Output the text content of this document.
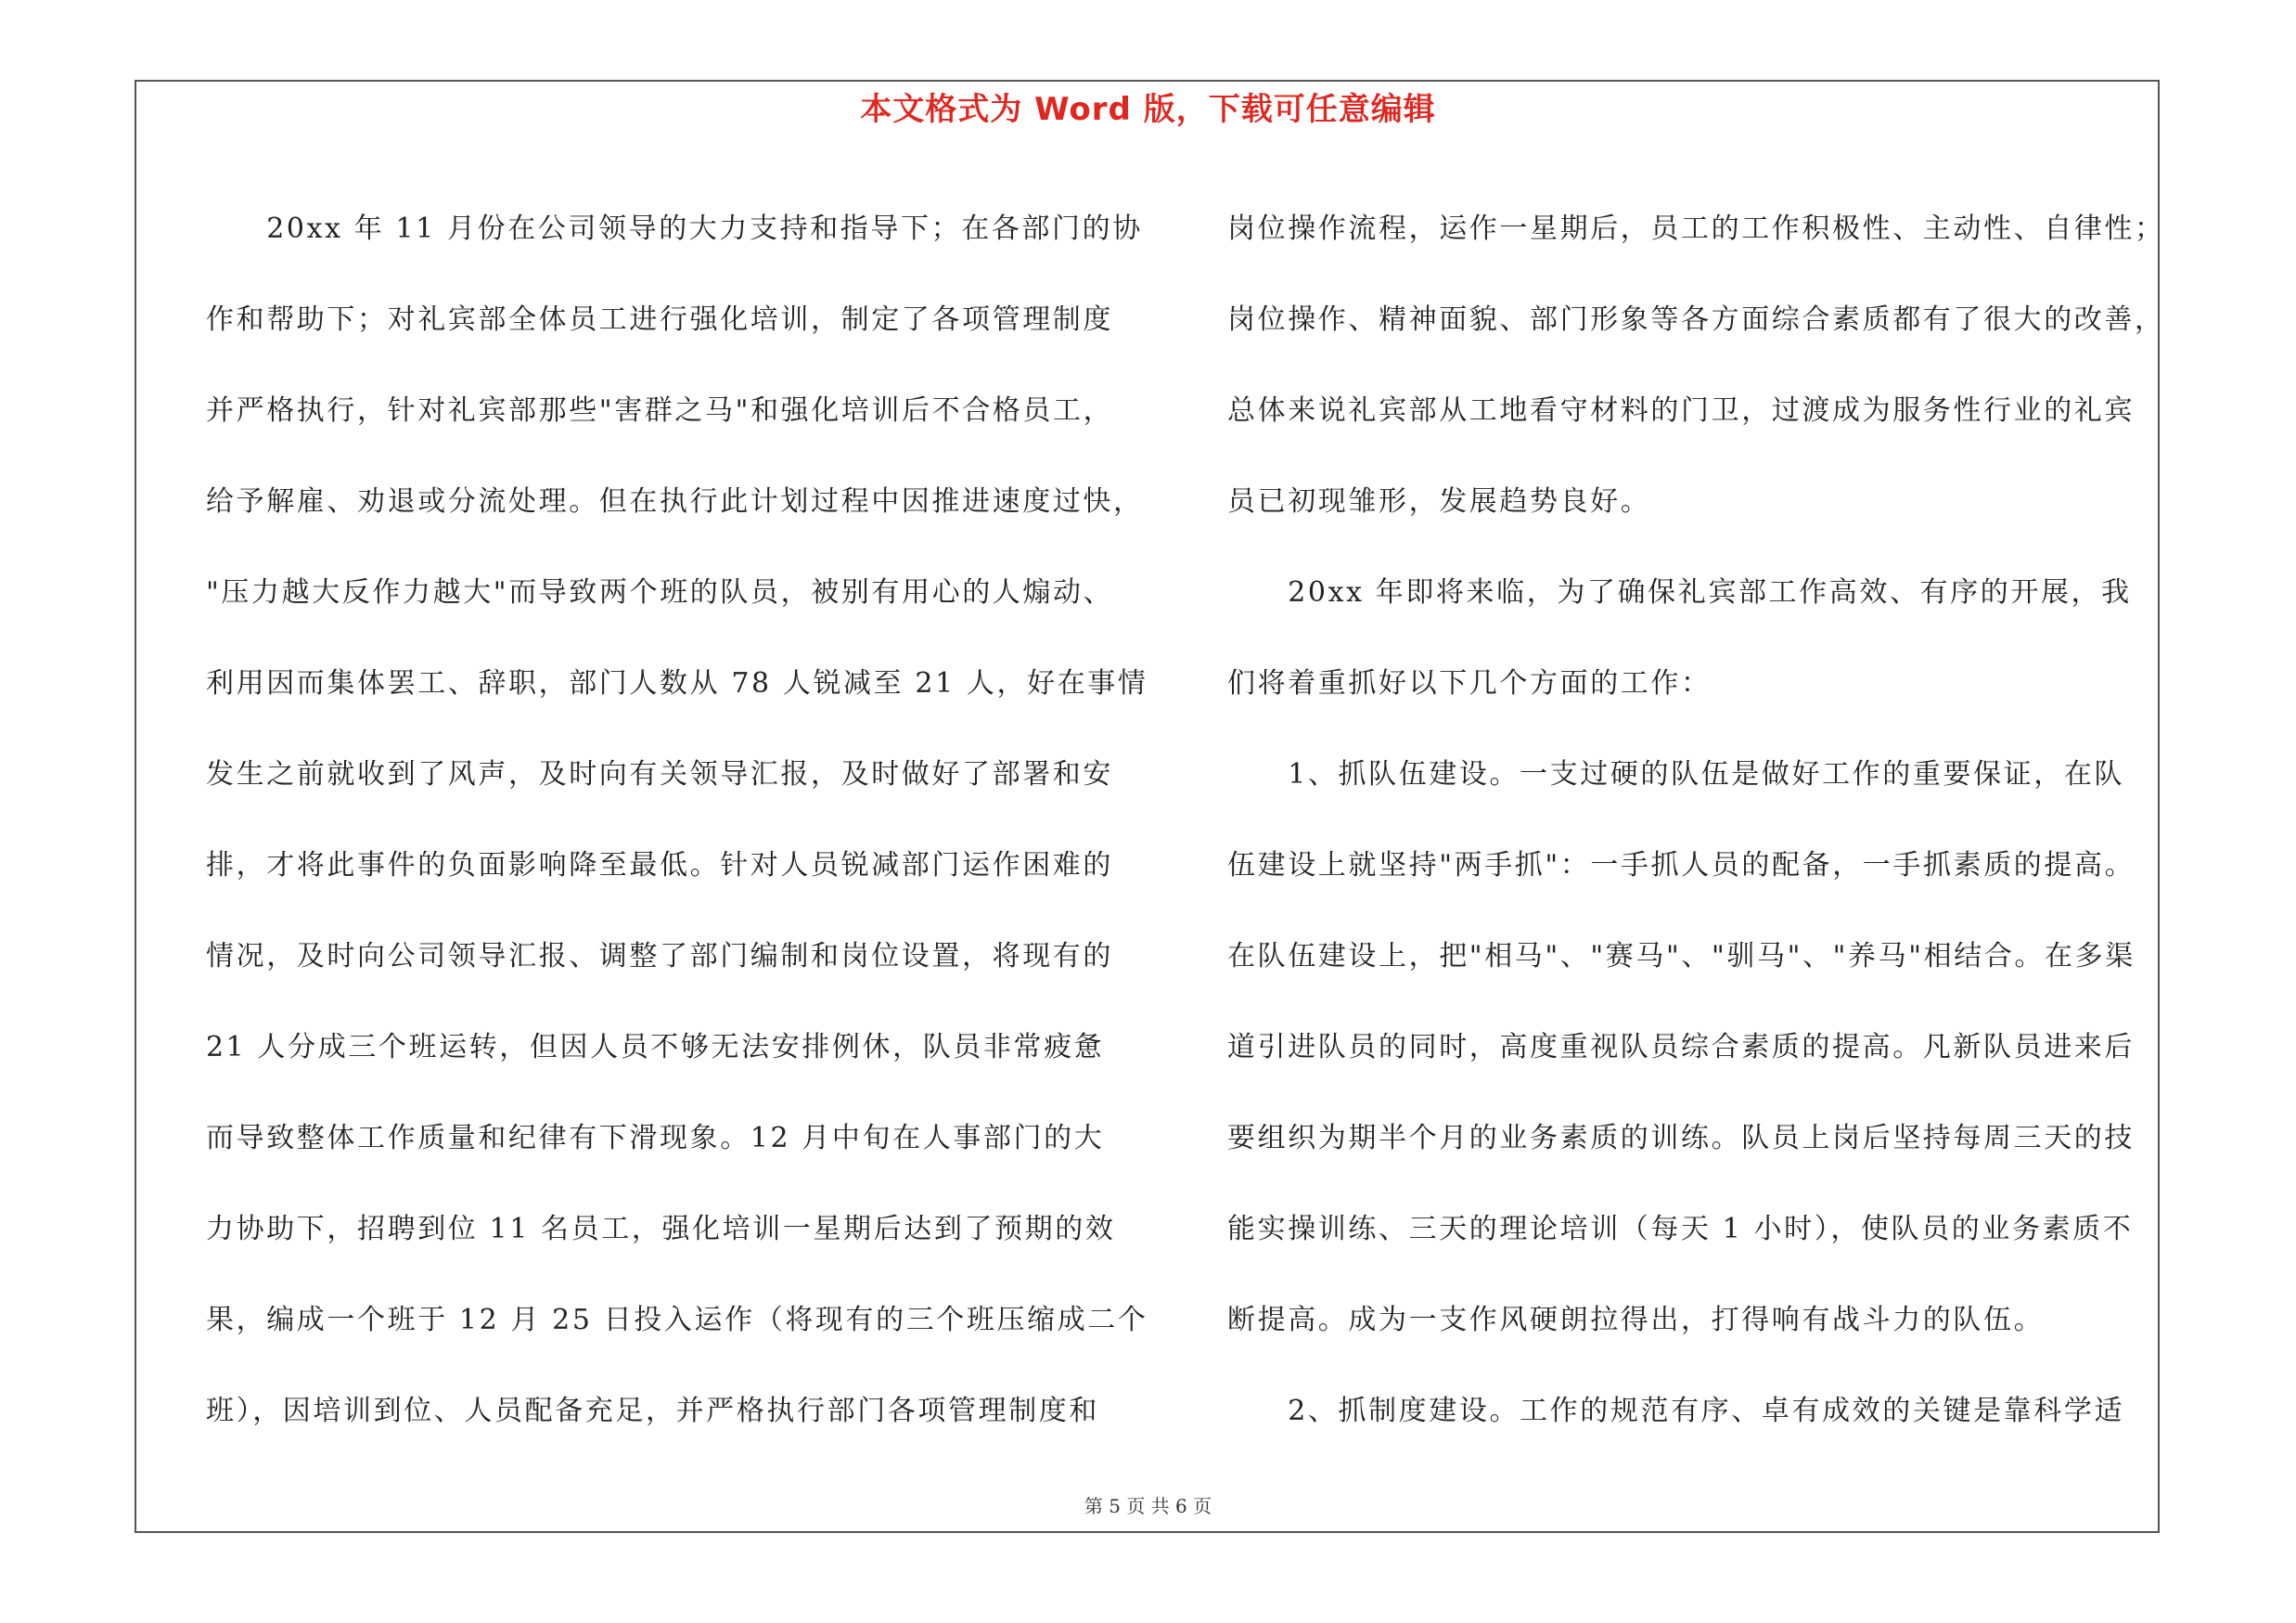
本文格式为 Word 版，下载可任意编辑
　　20xx 年 11 月份在公司领导的大力支持和指导下；在各部门的协
作和帮助下；对礼宾部全体员工进行强化培训，制定了各项管理制度
并严格执行，针对礼宾部那些"害群之马"和强化培训后不合格员工，
给予解雇、劝退或分流处理。但在执行此计划过程中因推进速度过快，
"压力越大反作力越大"而导致两个班的队员，被别有用心的人煽动、
利用因而集体罢工、辞职，部门人数从 78 人锐减至 21 人，好在事情
发生之前就收到了风声，及时向有关领导汇报，及时做好了部署和安
排，才将此事件的负面影响降至最低。针对人员锐减部门运作困难的
情况，及时向公司领导汇报、调整了部门编制和岗位设置，将现有的
21 人分成三个班运转，但因人员不够无法安排例休，队员非常疲惫
而导致整体工作质量和纪律有下滑现象。12 月中旬在人事部门的大
力协助下，招聘到位 11 名员工，强化培训一星期后达到了预期的效
果，编成一个班于 12 月 25 日投入运作（将现有的三个班压缩成二个
班），因培训到位、人员配备充足，并严格执行部门各项管理制度和
岗位操作流程，运作一星期后，员工的工作积极性、主动性、自律性；
岗位操作、精神面貌、部门形象等各方面综合素质都有了很大的改善，
总体来说礼宾部从工地看守材料的门卫，过渡成为服务性行业的礼宾
员已初现雏形，发展趋势良好。
　　20xx 年即将来临，为了确保礼宾部工作高效、有序的开展，我
们将着重抓好以下几个方面的工作：
　　1、抓队伍建设。一支过硬的队伍是做好工作的重要保证，在队
伍建设上就坚持"两手抓"：一手抓人员的配备，一手抓素质的提高。
在队伍建设上，把"相马"、"赛马"、"驯马"、"养马"相结合。在多渠
道引进队员的同时，高度重视队员综合素质的提高。凡新队员进来后
要组织为期半个月的业务素质的训练。队员上岗后坚持每周三天的技
能实操训练、三天的理论培训（每天 1 小时），使队员的业务素质不
断提高。成为一支作风硬朗拉得出，打得响有战斗力的队伍。
　　2、抓制度建设。工作的规范有序、卓有成效的关键是靠科学适
第 5 页 共 6 页
